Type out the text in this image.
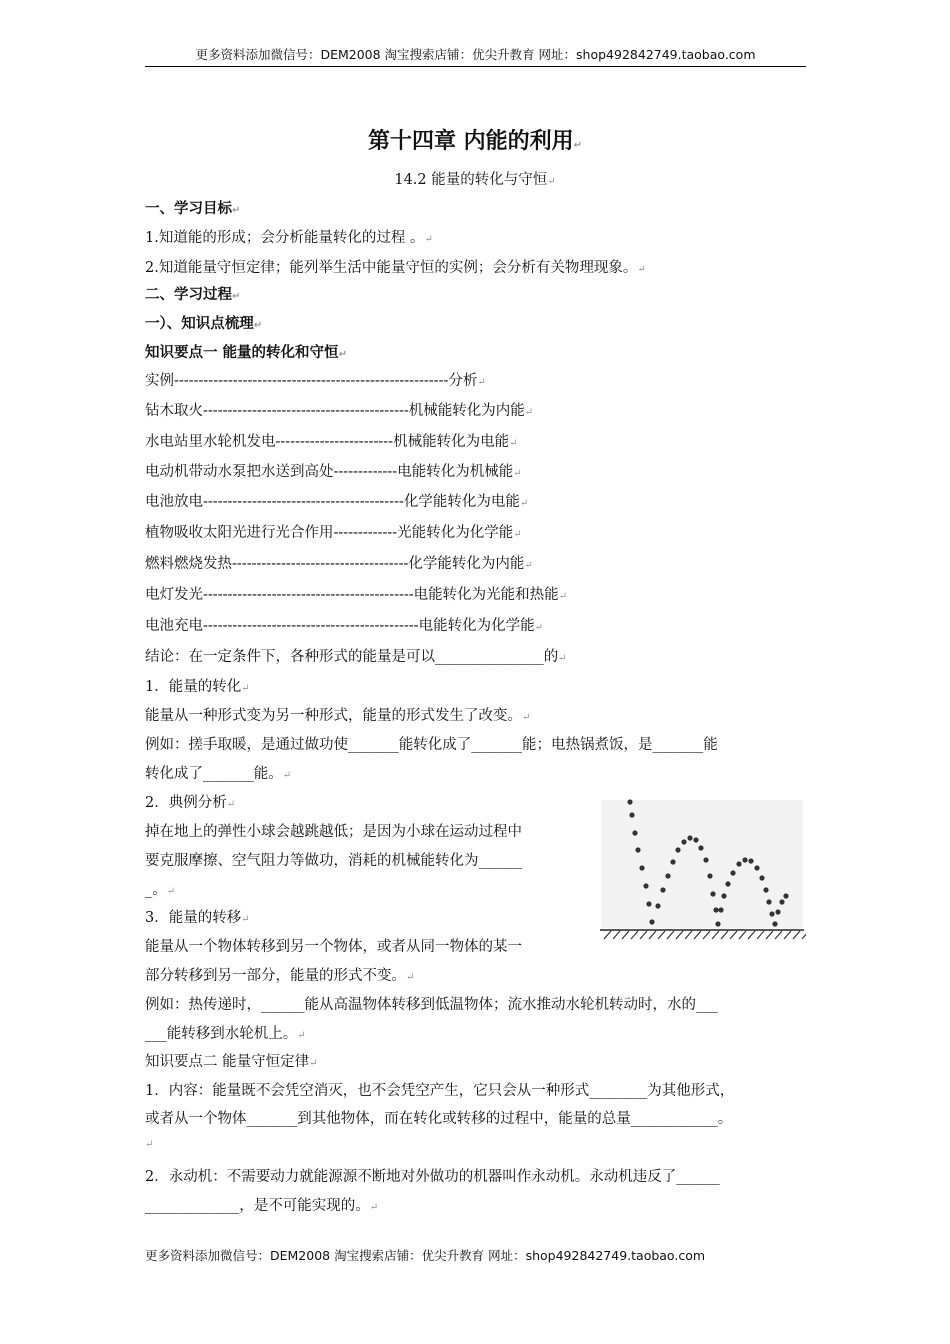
更多资料添加微信号：DEM2008 淘宝搜索店铺：优尖升教育 网址：shop492842749.taobao.com
第十四章 内能的利用↵
14.2 能量的转化与守恒↵
一、学习目标↵
1.知道能的形成；会分析能量转化的过程 。↵
2.知道能量守恒定律；能列举生活中能量守恒的实例；会分析有关物理现象。↵
二、学习过程↵
一）、知识点梳理↵
知识要点一 能量的转化和守恒↵
实例--------------------------------------------------------分析↵
钻木取火------------------------------------------机械能转化为内能↵
水电站里水轮机发电------------------------机械能转化为电能↵
电动机带动水泵把水送到高处-------------电能转化为机械能↵
电池放电-----------------------------------------化学能转化为电能↵
植物吸收太阳光进行光合作用-------------光能转化为化学能↵
燃料燃烧发热------------------------------------化学能转化为内能↵
电灯发光-------------------------------------------电能转化为光能和热能↵
电池充电--------------------------------------------电能转化为化学能↵
结论：在一定条件下，各种形式的能量是可以_______________的↵
1．能量的转化↵
能量从一种形式变为另一种形式，能量的形式发生了改变。↵
例如：搓手取暖，是通过做功使_______能转化成了_______能；电热锅煮饭，是_______能
转化成了_______能。↵
2．典例分析↵
掉在地上的弹性小球会越跳越低；是因为小球在运动过程中
要克服摩擦、空气阻力等做功，消耗的机械能转化为______
_。↵
3．能量的转移↵
能量从一个物体转移到另一个物体，或者从同一物体的某一
部分转移到另一部分，能量的形式不变。↵
例如：热传递时，______能从高温物体转移到低温物体；流水推动水轮机转动时，水的___
___能转移到水轮机上。↵
知识要点二 能量守恒定律↵
1．内容：能量既不会凭空消灭，也不会凭空产生，它只会从一种形式________为其他形式，
或者从一个物体_______到其他物体，而在转化或转移的过程中，能量的总量____________。
↵
2．永动机：不需要动力就能源源不断地对外做功的机器叫作永动机。永动机违反了______
_____________，是不可能实现的。↵
更多资料添加微信号：DEM2008 淘宝搜索店铺：优尖升教育 网址：shop492842749.taobao.com
